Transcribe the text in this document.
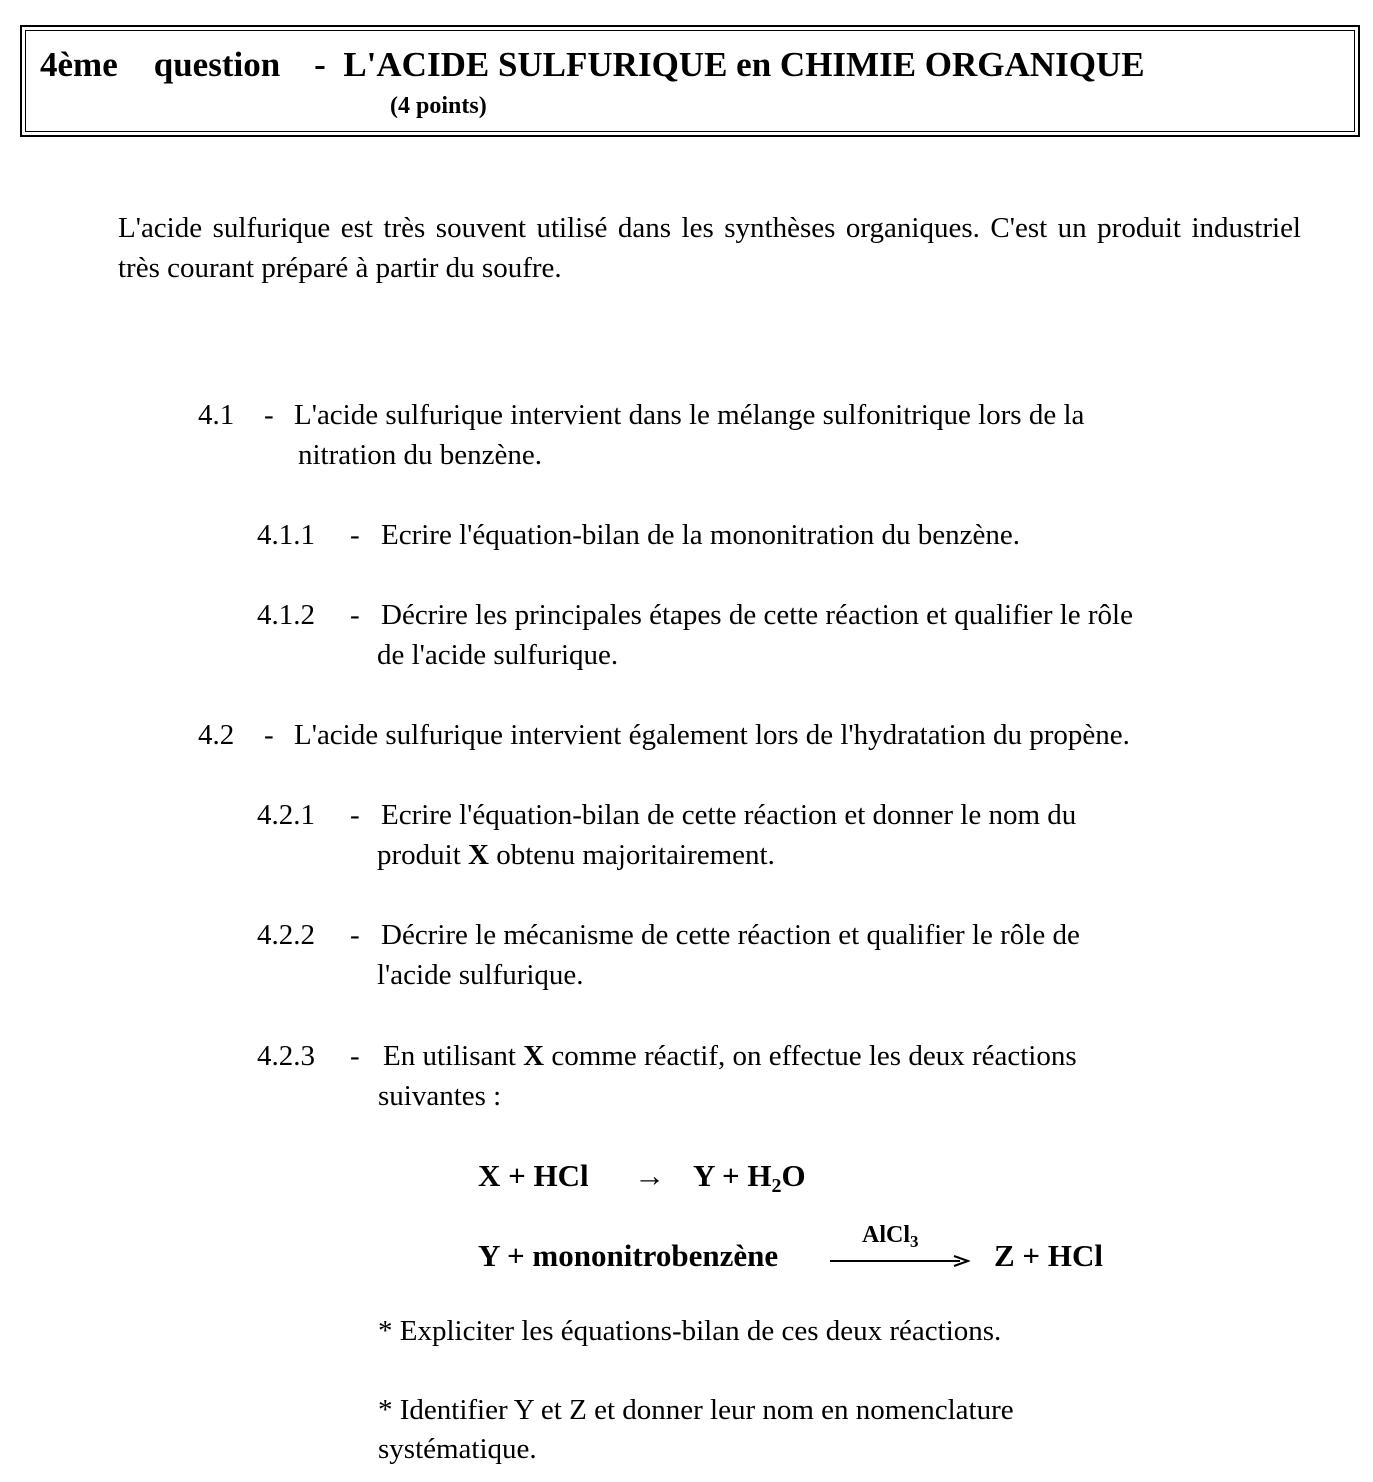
4ème question - L'ACIDE SULFURIQUE en CHIMIE ORGANIQUE
(4 points)
L'acide sulfurique est très souvent utilisé dans les synthèses organiques. C'est un produit industriel très courant préparé à partir du soufre.
4.1 - L'acide sulfurique intervient dans le mélange sulfonitrique lors de la
nitration du benzène.
4.1.1 - Ecrire l'équation-bilan de la mononitration du benzène.
4.1.2 - Décrire les principales étapes de cette réaction et qualifier le rôle
de l'acide sulfurique.
4.2 - L'acide sulfurique intervient également lors de l'hydratation du propène.
4.2.1 - Ecrire l'équation-bilan de cette réaction et donner le nom du
produit X obtenu majoritairement.
4.2.2 - Décrire le mécanisme de cette réaction et qualifier le rôle de
l'acide sulfurique.
4.2.3 - En utilisant X comme réactif, on effectue les deux réactions
suivantes :
X + HCl → $Y + H_2O$
Y + mononitrobenzène
AlCl$_3$ Z + HCl
* Expliciter les équations-bilan de ces deux réactions.
* Identifier Y et Z et donner leur nom en nomenclature
systématique.
